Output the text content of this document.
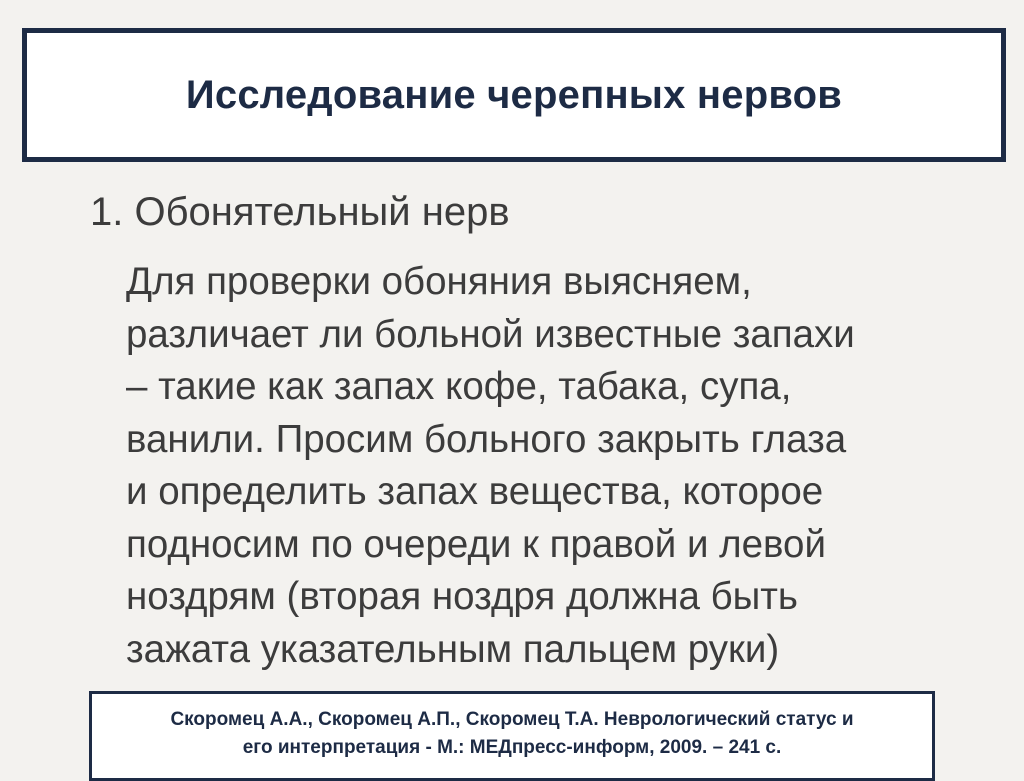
Исследование черепных нервов
1. Обонятельный нерв
Для проверки обоняния выясняем,
различает ли больной известные запахи
– такие как запах кофе, табака, супа,
ванили. Просим больного закрыть глаза
и определить запах вещества, которое
подносим по очереди к правой и левой
ноздрям (вторая ноздря должна быть
зажата указательным пальцем руки)
Скоромец А.А., Скоромец А.П., Скоромец Т.А. Неврологический статус и
его интерпретация - М.: МЕДпресс-информ, 2009. – 241 с.
